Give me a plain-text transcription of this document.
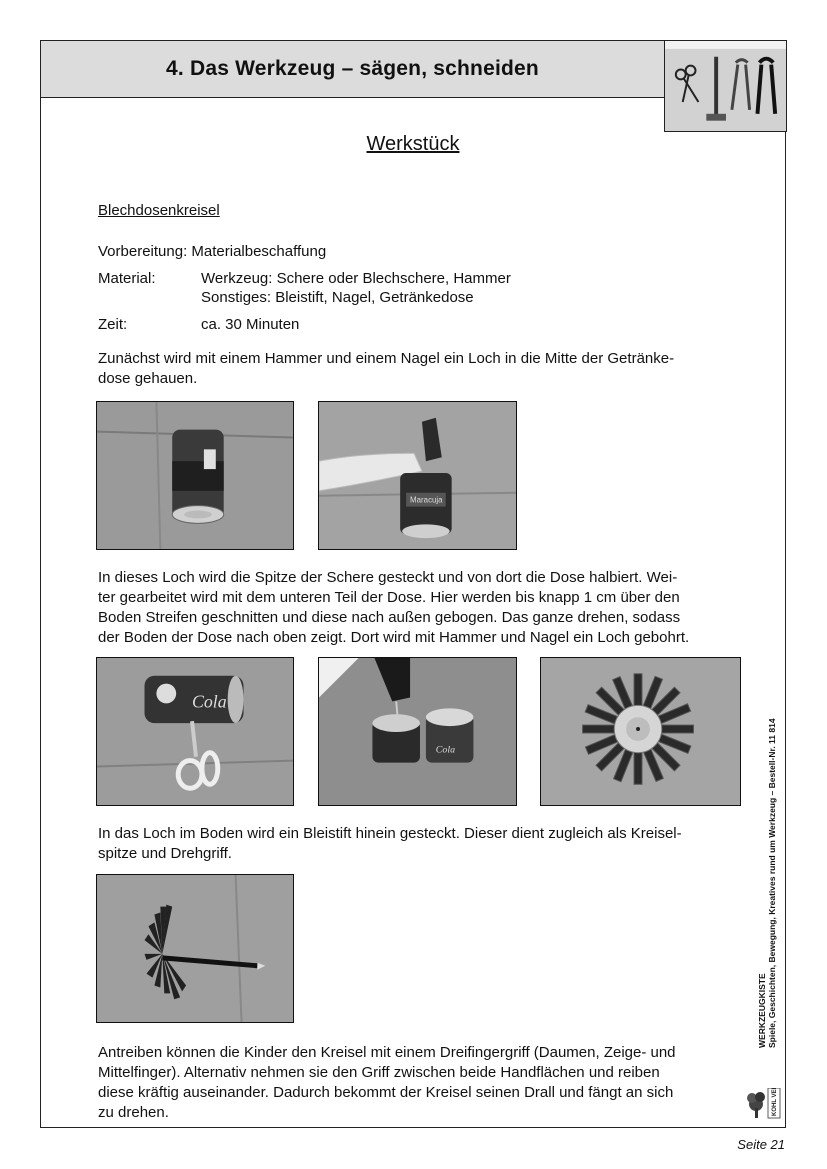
4. Das Werkzeug – sägen, schneiden
Werkstück
Blechdosenkreisel
Vorbereitung: Materialbeschaffung
Material:	Werkzeug: Schere oder Blechschere, Hammer
Sonstiges: Bleistift, Nagel, Getränkedose
Zeit:	ca. 30 Minuten
Zunächst wird mit einem Hammer und einem Nagel ein Loch in die Mitte der Getränke-
dose gehauen.
Maracuja
In dieses Loch wird die Spitze der Schere gesteckt und von dort die Dose halbiert. Wei-
ter gearbeitet wird mit dem unteren Teil der Dose. Hier werden bis knapp 1 cm über den
Boden Streifen geschnitten und diese nach außen gebogen. Das ganze drehen, sodass
der Boden der Dose nach oben zeigt. Dort wird mit Hammer und Nagel ein Loch gebohrt.
Cola
Cola
In das Loch im Boden wird ein Bleistift hinein gesteckt. Dieser dient zugleich als Kreisel-
spitze und Drehgriff.
Antreiben können die Kinder den Kreisel mit einem Dreifingergriff (Daumen, Zeige- und
Mittelfinger). Alternativ nehmen sie den Griff zwischen beide Handflächen und reiben
diese kräftig auseinander. Dadurch bekommt der Kreisel seinen Drall und fängt an sich
zu drehen.
WERKZEUGKISTE Spiele, Geschichten, Bewegung, Kreatives rund um Werkzeug – Bestell-Nr. 11 814
KOHL VERLAG
Seite 21
